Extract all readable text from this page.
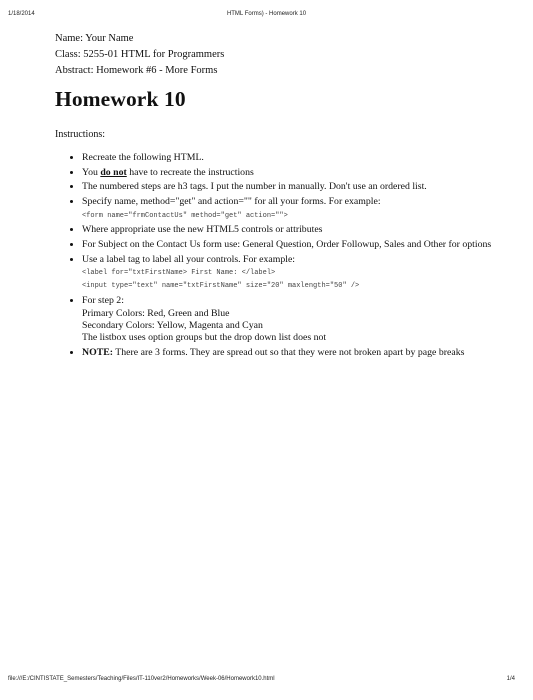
1/18/2014	HTML Forms) - Homework 10
Name: Your Name
Class: 5255-01 HTML for Programmers
Abstract: Homework #6 - More Forms
Homework 10
Instructions:
• Recreate the following HTML.
• You do not have to recreate the instructions
• The numbered steps are h3 tags. I put the number in manually. Don't use an ordered list.
• Specify name, method="get" and action="" for all your forms. For example:
<form name="frmContactUs" method="get" action="">
• Where appropriate use the new HTML5 controls or attributes
• For Subject on the Contact Us form use: General Question, Order Followup, Sales and Other for options
• Use a label tag to label all your controls. For example:
<label for="txtFirstName> First Name: </label>
<input type="text" name="txtFirstName" size="20" maxlength="50" />
• For step 2:
Primary Colors: Red, Green and Blue
Secondary Colors: Yellow, Magenta and Cyan
The listbox uses option groups but the drop down list does not
• NOTE: There are 3 forms. They are spread out so that they were not broken apart by page breaks
file:///E:/CINTISTATE_Semesters/Teaching/Files/IT-110ver2/Homeworks/Week-06/Homework10.html	1/4
